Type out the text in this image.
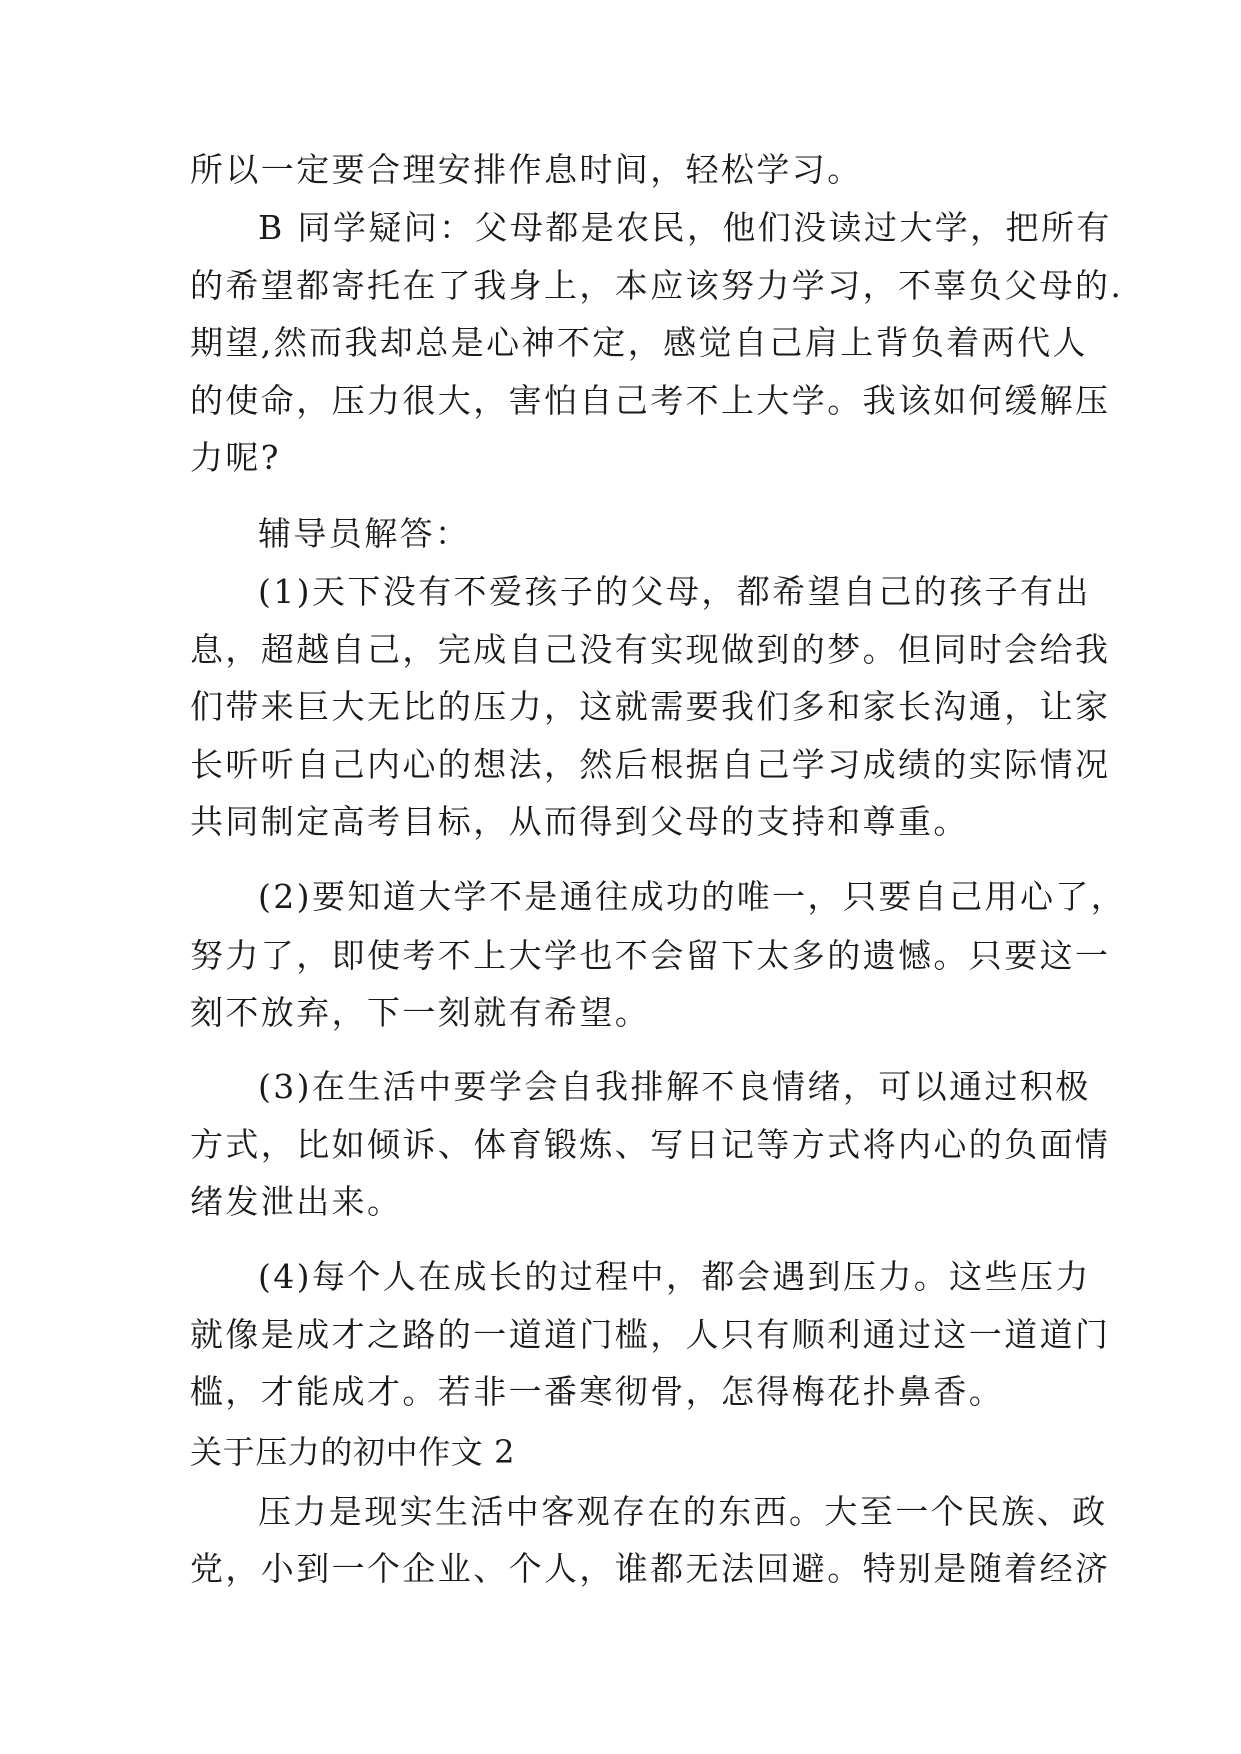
所以一定要合理安排作息时间，轻松学习。
B 同学疑问：父母都是农民，他们没读过大学，把所有
的希望都寄托在了我身上，本应该努力学习，不辜负父母的.
期望,然而我却总是心神不定，感觉自己肩上背负着两代人
的使命，压力很大，害怕自己考不上大学。我该如何缓解压
力呢?
辅导员解答：
(1)天下没有不爱孩子的父母，都希望自己的孩子有出
息，超越自己，完成自己没有实现做到的梦。但同时会给我
们带来巨大无比的压力，这就需要我们多和家长沟通，让家
长听听自己内心的想法，然后根据自己学习成绩的实际情况
共同制定高考目标，从而得到父母的支持和尊重。
(2)要知道大学不是通往成功的唯一，只要自己用心了，
努力了，即使考不上大学也不会留下太多的遗憾。只要这一
刻不放弃，下一刻就有希望。
(3)在生活中要学会自我排解不良情绪，可以通过积极
方式，比如倾诉、体育锻炼、写日记等方式将内心的负面情
绪发泄出来。
(4)每个人在成长的过程中，都会遇到压力。这些压力
就像是成才之路的一道道门槛，人只有顺利通过这一道道门
槛，才能成才。若非一番寒彻骨，怎得梅花扑鼻香。
关于压力的初中作文 2
压力是现实生活中客观存在的东西。大至一个民族、政
党，小到一个企业、个人，谁都无法回避。特别是随着经济
